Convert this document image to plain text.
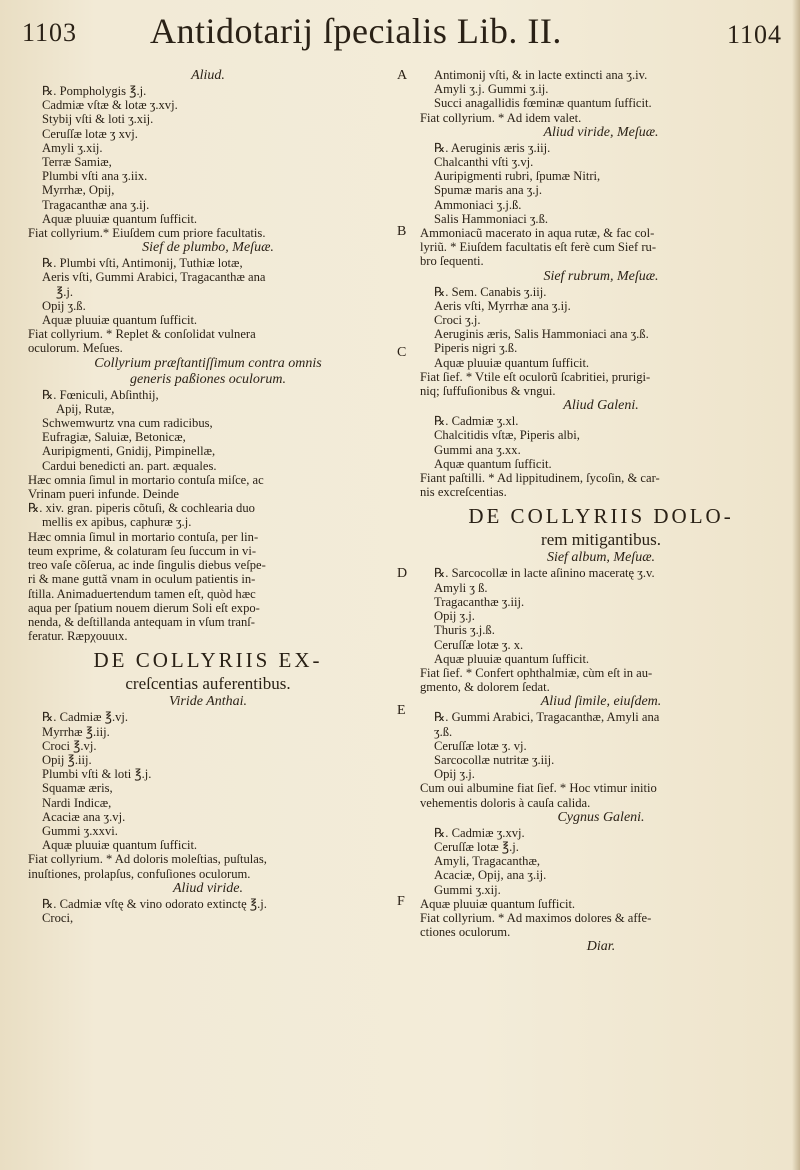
1103 Antidotarij ſpecialis Lib. II.	1104
A
B
C
D
E
F
Aliud.
℞. Pompholygis ℥.j.
Cadmiæ vſtæ & lotæ ʒ.xvj.
Stybij vſti & loti ʒ.xij.
Ceruſſæ lotæ ʒ xvj.
Amyli ʒ.xij.
Terræ Samiæ,
Plumbi vſti ana ʒ.iix.
Myrrhæ, Opij,
Tragacanthæ ana ʒ.ij.
Aquæ pluuiæ quantum ſufficit.
Fiat collyrium.* Eiuſdem cum priore facultatis.
Sief de plumbo, Meſuæ.
℞. Plumbi vſti, Antimonij, Tuthiæ lotæ,
Aeris vſti, Gummi Arabici, Tragacanthæ ana
℥.j.
Opij ʒ.ß.
Aquæ pluuiæ quantum ſufficit.
Fiat collyrium. * Replet & conſolidat vulnera
oculorum. Meſues.
Collyrium præſtantiſſimum contra omnis
generis paßiones oculorum.
℞. Fœniculi, Abſinthij,
Apij, Rutæ,
Schwemwurtz vna cum radicibus,
Eufragiæ, Saluiæ, Betonicæ,
Auripigmenti, Gnidij, Pimpinellæ,
Cardui benedicti an. part. æquales.
Hæc omnia ſimul in mortario contuſa miſce, ac
Vrinam pueri infunde. Deinde
℞. xiv. gran. piperis cõtuſi, & cochlearia duo
mellis ex apibus, caphuræ ʒ.j.
Hæc omnia ſimul in mortario contuſa, per lin-
teum exprime, & colaturam ſeu ſuccum in vi-
treo vaſe cõſerua, ac inde ſingulis diebus veſpe-
ri & mane guttã vnam in oculum patientis in-
ſtilla. Animaduertendum tamen eſt, quòd hæc
aqua per ſpatium nouem dierum Soli eſt expo-
nenda, & deſtillanda antequam in vſum tranſ-
feratur. Ræpχouuιx.
DE COLLYRIIS EX-
creſcentias auferentibus.
Viride Anthai.
℞. Cadmiæ ℥.vj.
Myrrhæ ℥.iij.
Croci ℥.vj.
Opij ℥.iij.
Plumbi vſti & loti ℥.j.
Squamæ æris,
Nardi Indicæ,
Acaciæ ana ʒ.vj.
Gummi ʒ.xxvi.
Aquæ pluuiæ quantum ſufficit.
Fiat collyrium. * Ad doloris moleſtias, puſtulas,
inuſtiones, prolapſus, confuſiones oculorum.
Aliud viride.
℞. Cadmiæ vſtę & vino odorato extinctę ℥.j.
Croci,
Antimonij vſti, & in lacte extincti ana ʒ.iv.
Amyli ʒ.j. Gummi ʒ.ij.
Succi anagallidis fœminæ quantum ſufficit.
Fiat collyrium. * Ad idem valet.
Aliud viride, Meſuæ.
℞. Aeruginis æris ʒ.iij.
Chalcanthi vſti ʒ.vj.
Auripigmenti rubri, ſpumæ Nitri,
Spumæ maris ana ʒ.j.
Ammoniaci ʒ.j.ß.
Salis Hammoniaci ʒ.ß.
Ammoniacũ macerato in aqua rutæ, & fac col-
lyriũ. * Eiuſdem facultatis eſt ferè cum Sief ru-
bro ſequenti.
Sief rubrum, Meſuæ.
℞. Sem. Canabis ʒ.iij.
Aeris vſti, Myrrhæ ana ʒ.ij.
Croci ʒ.j.
Aeruginis æris, Salis Hammoniaci ana ʒ.ß.
Piperis nigri ʒ.ß.
Aquæ pluuiæ quantum ſufficit.
Fiat ſief. * Vtile eſt oculorũ ſcabritiei, prurigi-
niq; ſuffuſionibus & vngui.
Aliud Galeni.
℞. Cadmiæ ʒ.xl.
Chalcitidis vſtæ, Piperis albi,
Gummi ana ʒ.xx.
Aquæ quantum ſufficit.
Fiant paſtilli. * Ad lippitudinem, ſycoſin, & car-
nis excreſcentias.
DE COLLYRIIS DOLO-
rem mitigantibus.
Sief album, Meſuæ.
℞. Sarcocollæ in lacte aſinino maceratę ʒ.v.
Amyli ʒ ß.
Tragacanthæ ʒ.iij.
Opij ʒ.j.
Thuris ʒ.j.ß.
Ceruſſæ lotæ ʒ. x.
Aquæ pluuiæ quantum ſufficit.
Fiat ſief. * Confert ophthalmiæ, cùm eſt in au-
gmento, & dolorem ſedat.
Aliud ſimile, eiuſdem.
℞. Gummi Arabici, Tragacanthæ, Amyli ana
ʒ.ß.
Ceruſſæ lotæ ʒ. vj.
Sarcocollæ nutritæ ʒ.iij.
Opij ʒ.j.
Cum oui albumine fiat ſief. * Hoc vtimur initio
vehementis doloris à cauſa calida.
Cygnus Galeni.
℞. Cadmiæ ʒ.xvj.
Ceruſſæ lotæ ℥.j.
Amyli, Tragacanthæ,
Acaciæ, Opij, ana ʒ.ij.
Gummi ʒ.xij.
Aquæ pluuiæ quantum ſufficit.
Fiat collyrium. * Ad maximos dolores & affe-
ctiones oculorum.
Diar.
